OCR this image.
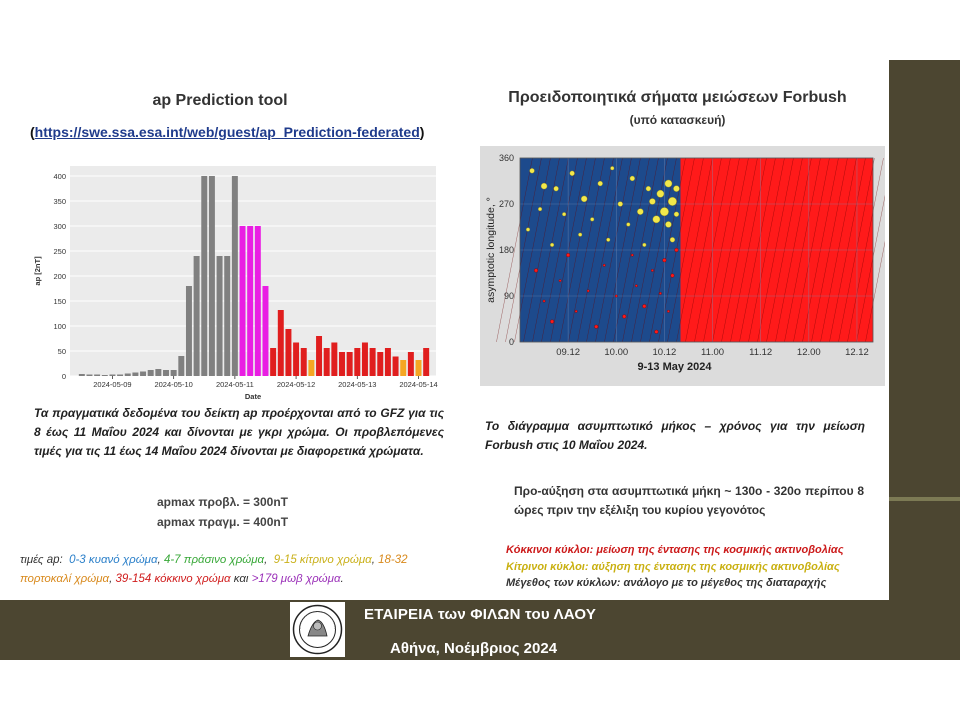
ap Prediction tool
(https://swe.ssa.esa.int/web/guest/ap_Prediction-federated)
Προειδοποιητικά σήματα μειώσεων Forbush
(υπό κατασκευή)
0
50
100
150
200
250
300
350
400
2024-05-09	2024-05-10	2024-05-11	2024-05-12	2024-05-13	2024-05-14
Date
ap [2nT]
0
90
180
270
360
09.12	10.00	10.12	11.00	11.12	12.00	12.12
9-13 May 2024
asymptotic longitude, °
Τα πραγματικά δεδομένα του δείκτη ap προέρχονται από το GFZ για τις 8 έως 11 Μαΐου 2024 και δίνονται με γκρι χρώμα. Οι προβλεπόμενες τιμές για τις 11 έως 14 Μαΐου 2024 δίνονται με διαφορετικά χρώματα.
apmax προβλ. = 300nT
apmax πραγμ. = 400nT
τιμές ap: 0-3 κυανό χρώμα, 4-7 πράσινο χρώμα,  9-15 κίτρινο χρώμα, 18-32 πορτοκαλί χρώμα, 39-154 κόκκινο χρώμα και >179 μωβ χρώμα.
Το διάγραμμα ασυμπτωτικό μήκος – χρόνος για την μείωση Forbush στις 10 Μαΐου 2024.
Προ-αύξηση στα ασυμπτωτικά μήκη ~ 130ο - 320ο περίπου 8 ώρες πριν την εξέλιξη του κυρίου γεγονότος
Κόκκινοι κύκλοι: μείωση της έντασης της κοσμικής ακτινοβολίας
Κίτρινοι κύκλοι: αύξηση της έντασης της κοσμικής ακτινοβολίας
Μέγεθος των κύκλων: ανάλογο με το μέγεθος της διαταραχής
ΕΤΑΙΡΕΙΑ των ΦΙΛΩΝ του ΛΑΟΥ
Αθήνα, Νοέμβριος 2024
